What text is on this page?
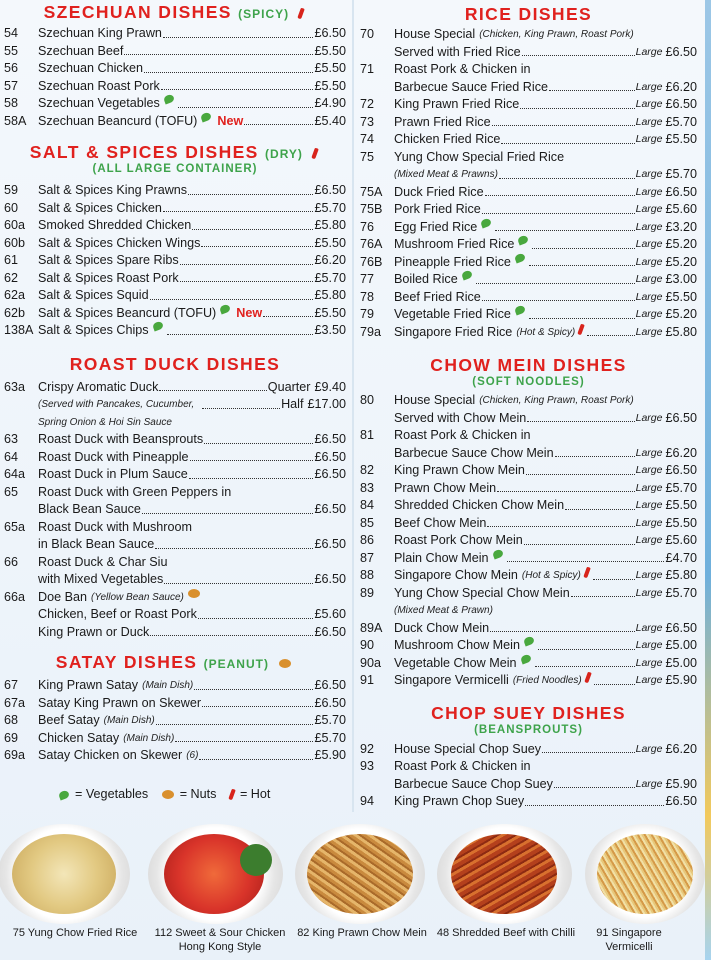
SZECHUAN DISHES (SPICY)
54	Szechuan King Prawn	£6.50
55	Szechuan Beef	£5.50
56	Szechuan Chicken	£5.50
57	Szechuan Roast Pork	£5.50
58	Szechuan Vegetables	£4.90
58A Szechuan Beancurd (TOFU) New	£5.40
SALT & SPICES DISHES (DRY)
(ALL LARGE CONTAINER)
59	Salt & Spices King Prawns	£6.50
60	Salt & Spices Chicken	£5.70
60a	Smoked Shredded Chicken	£5.80
60b	Salt & Spices Chicken Wings	£5.50
61	Salt & Spices Spare Ribs	£6.20
62	Salt & Spices Roast Pork	£5.70
62a	Salt & Spices Squid	£5.80
62b	Salt & Spices Beancurd (TOFU) New	£5.50
138A Salt & Spices Chips	£3.50
ROAST DUCK DISHES
63a	Crispy Aromatic Duck	Quarter £9.40
(Served with Pancakes, Cucumber,	Half £17.00
Spring Onion & Hoi Sin Sauce
63	Roast Duck with Beansprouts	£6.50
64	Roast Duck with Pineapple	£6.50
64a	Roast Duck in Plum Sauce	£6.50
65	Roast Duck with Green Peppers in
Black Bean Sauce	£6.50
65a	Roast Duck with Mushroom
in Black Bean Sauce	£6.50
66	Roast Duck & Char Siu
with Mixed Vegetables	£6.50
66a	Doe Ban (Yellow Bean Sauce)
Chicken, Beef or Roast Pork	£5.60
King Prawn or Duck	£6.50
SATAY DISHES (PEANUT)
67	King Prawn Satay (Main Dish)	£6.50
67a	Satay King Prawn on Skewer	£6.50
68	Beef Satay (Main Dish)	£5.70
69	Chicken Satay (Main Dish)	£5.70
69a	Satay Chicken on Skewer (6)	£5.90
= Vegetables	= Nuts = Hot
RICE DISHES
70	House Special (Chicken, King Prawn, Roast Pork)
Served with Fried Rice	Large £6.50
71	Roast Pork & Chicken in
Barbecue Sauce Fried Rice	Large £6.20
72	King Prawn Fried Rice	Large £6.50
73	Prawn Fried Rice	Large £5.70
74	Chicken Fried Rice	Large £5.50
75	Yung Chow Special Fried Rice
(Mixed Meat & Prawns)	Large £5.70
75A Duck Fried Rice	Large £6.50
75B Pork Fried Rice	Large £5.60
76	Egg Fried Rice	Large £3.20
76A Mushroom Fried Rice	Large £5.20
76B Pineapple Fried Rice	Large £5.20
77	Boiled Rice	Large £3.00
78	Beef Fried Rice	Large £5.50
79	Vegetable Fried Rice	Large £5.20
79a	Singapore Fried Rice (Hot & Spicy)	Large £5.80
CHOW MEIN DISHES
(SOFT NOODLES)
80	House Special (Chicken, King Prawn, Roast Pork)
Served with Chow Mein	Large £6.50
81	Roast Pork & Chicken in
Barbecue Sauce Chow Mein	Large £6.20
82	King Prawn Chow Mein	Large £6.50
83	Prawn Chow Mein	Large £5.70
84	Shredded Chicken Chow Mein	Large £5.50
85	Beef Chow Mein	Large £5.50
86	Roast Pork Chow Mein	Large £5.60
87	Plain Chow Mein	£4.70
88	Singapore Chow Mein (Hot & Spicy)	Large £5.80
89	Yung Chow Special Chow Mein	Large £5.70
(Mixed Meat & Prawn)
89A Duck Chow Mein	Large £6.50
90	Mushroom Chow Mein	Large £5.00
90a	Vegetable Chow Mein	Large £5.00
91	Singapore Vermicelli (Fried Noodles)	Large £5.90
CHOP SUEY DISHES
(BEANSPROUTS)
92	House Special Chop Suey	Large £6.20
93	Roast Pork & Chicken in
Barbecue Sauce Chop Suey	Large £5.90
94	King Prawn Chop Suey	£6.50
75 Yung Chow Fried Rice	112 Sweet & Sour Chicken
Hong Kong Style
82 King Prawn Chow Mein 48 Shredded Beef with Chilli	91 Singapore
Vermicelli
